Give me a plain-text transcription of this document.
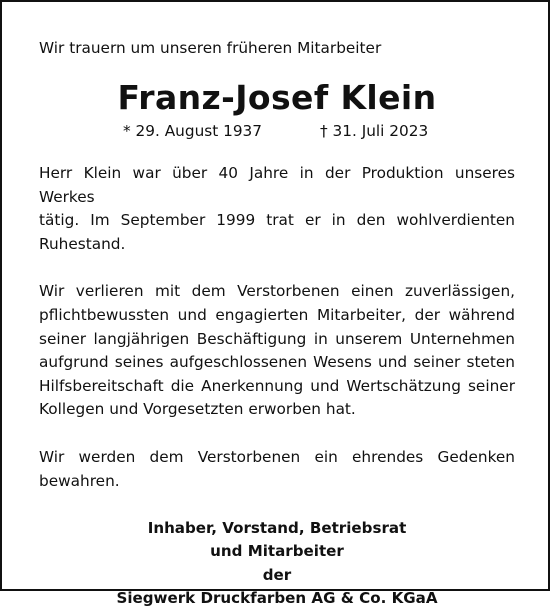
Wir trauern um unseren früheren Mitarbeiter
Franz-Josef Klein
* 29. August 1937	† 31. Juli 2023
Herr Klein war über 40 Jahre in der Produktion unseres Werkes
tätig. Im September 1999 trat er in den wohlverdienten
Ruhestand.
Wir verlieren mit dem Verstorbenen einen zuverlässigen,
pflichtbewussten und engagierten Mitarbeiter, der während
seiner langjährigen Beschäftigung in unserem Unternehmen
aufgrund seines aufgeschlossenen Wesens und seiner steten
Hilfsbereitschaft die Anerkennung und Wertschätzung seiner
Kollegen und Vorgesetzten erworben hat.
Wir werden dem Verstorbenen ein ehrendes Gedenken
bewahren.
Inhaber, Vorstand, Betriebsrat
und Mitarbeiter
der
Siegwerk Druckfarben AG & Co. KGaA
